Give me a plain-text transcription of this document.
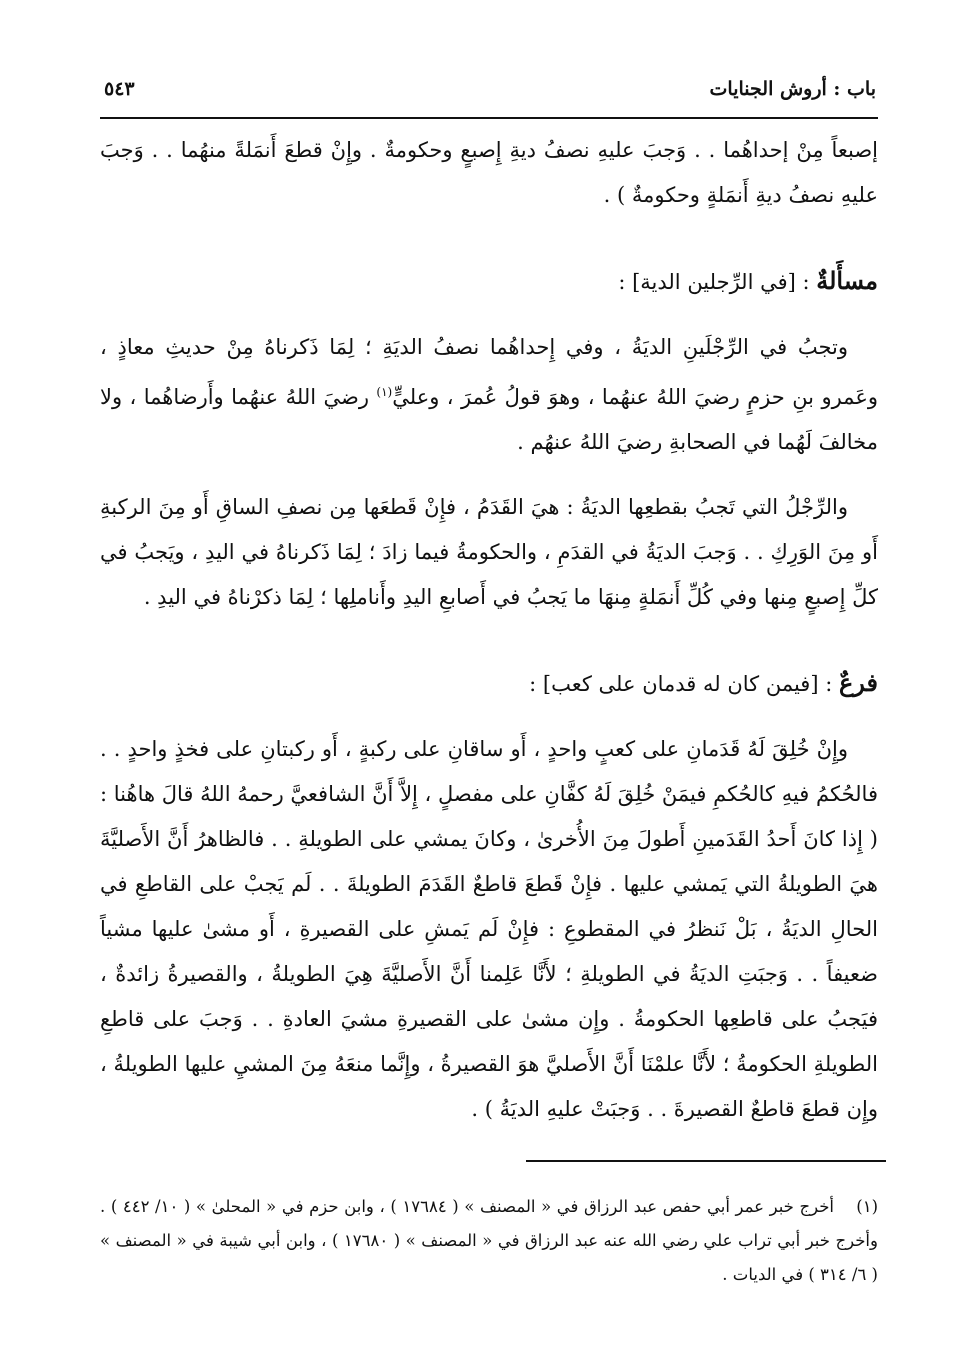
باب : أروش الجنايات
٥٤٣

إصبعاً مِنْ إحداهُما . . وَجبَ عليهِ نصفُ ديةِ إِصبعٍ وحكومةٌ . وإِنْ قطعَ أَنمَلةً منهُما . . وَجبَ عليهِ نصفُ ديةِ أَنمَلةٍ وحكومةٌ ) .

مسأَلةٌ : [في الرِّجلين الدية] :

وتجبُ في الرِّجْلَينِ الديَةُ ، وفي إِحداهُما نصفُ الديَةِ ؛ لِمَا ذَكرناهُ مِنْ حديثِ معاذٍ ، وعَمرو بنِ حزمٍ رضيَ اللهُ عنهُما ، وهوَ قولُ عُمرَ ، وعليٍّ$^{(١)}$ رضيَ اللهُ عنهُما وأَرضاهُما ، ولا مخالفَ لَهُما في الصحابةِ رضيَ اللهُ عنهُم .

والرِّجْلُ التي تَجبُ بقطعِها الديَةُ : هيَ القَدَمُ ، فإِنْ قَطعَها مِن نصفِ الساقِ أَو مِنَ الركبةِ أَو مِنَ الوَرِكِ . . وَجبَ الديَةُ في القدَمِ ، والحكومةُ فيما زادَ ؛ لِمَا ذَكرناهُ في اليدِ ، ويَجبُ في كلِّ إِصبعٍ مِنها وفي كُلِّ أَنمَلةٍ مِنهَا ما يَجبُ في أَصابعِ اليدِ وأَناملِها ؛ لِمَا ذكرْناهُ في اليدِ .

فرعٌ : [فيمن كان له قدمان على كعب] :

وإِنْ خُلِقَ لَهُ قَدَمانِ على كعبٍ واحدٍ ، أَو ساقانِ على ركبةٍ ، أَو ركبتانِ على فخذٍ واحدٍ . . فالحُكمُ فيهِ كالحُكمِ فيمَنْ خُلِقَ لَهُ كفَّانِ على مفصلٍ ، إِلاَّ أَنَّ الشافعيَّ رحمهُ اللهُ قالَ هاهُنا : ( إِذا كانَ أَحدُ القَدَمينِ أَطولَ مِنَ الأُخرىٰ ، وكانَ يمشي على الطويلةِ . . فالظاهرُ أَنَّ الأَصليَّةَ هيَ الطويلةُ التي يَمشي عليها . فإِنْ قَطعَ قاطعٌ القَدَمَ الطويلةَ . . لَم يَجبْ على القاطعِ في الحالِ الديَةُ ، بَلْ نَنظرُ في المقطوعِ : فإِنْ لَم يَمشِ على القصيرةِ ، أَو مشىٰ عليها مشياً ضعيفاً . . وَجبَتِ الديَةُ في الطويلةِ ؛ لأَنَّا عَلِمنا أَنَّ الأَصليَّةَ هِيَ الطويلةُ ، والقصيرةُ زائدةٌ ، فيَجبُ على قاطعِها الحكومةُ . وإِن مشىٰ على القصيرةِ مشيَ العادةِ . . وَجبَ على قاطعِ الطويلةِ الحكومةُ ؛ لأَنَّا علمْنَا أَنَّ الأَصليَّ هوَ القصيرةُ ، وإِنَّما منعَهُ مِنَ المشيِ عليها الطويلةُ ، وإِن قطعَ قاطعٌ القصيرةَ . . وَجبَتْ عليهِ الديَةُ ) .

(١)أخرج خبر عمر أبي حفص عبد الرزاق في « المصنف » ( ١٧٦٨٤ ) ، وابن حزم في « المحلىٰ » ( ١٠/ ٤٤٢ ) . وأخرج خبر أبي تراب علي رضي الله عنه عبد الرزاق في « المصنف » ( ١٧٦٨٠ ) ، وابن أبي شيبة في « المصنف » ( ٦/ ٣١٤ ) في الديات .
